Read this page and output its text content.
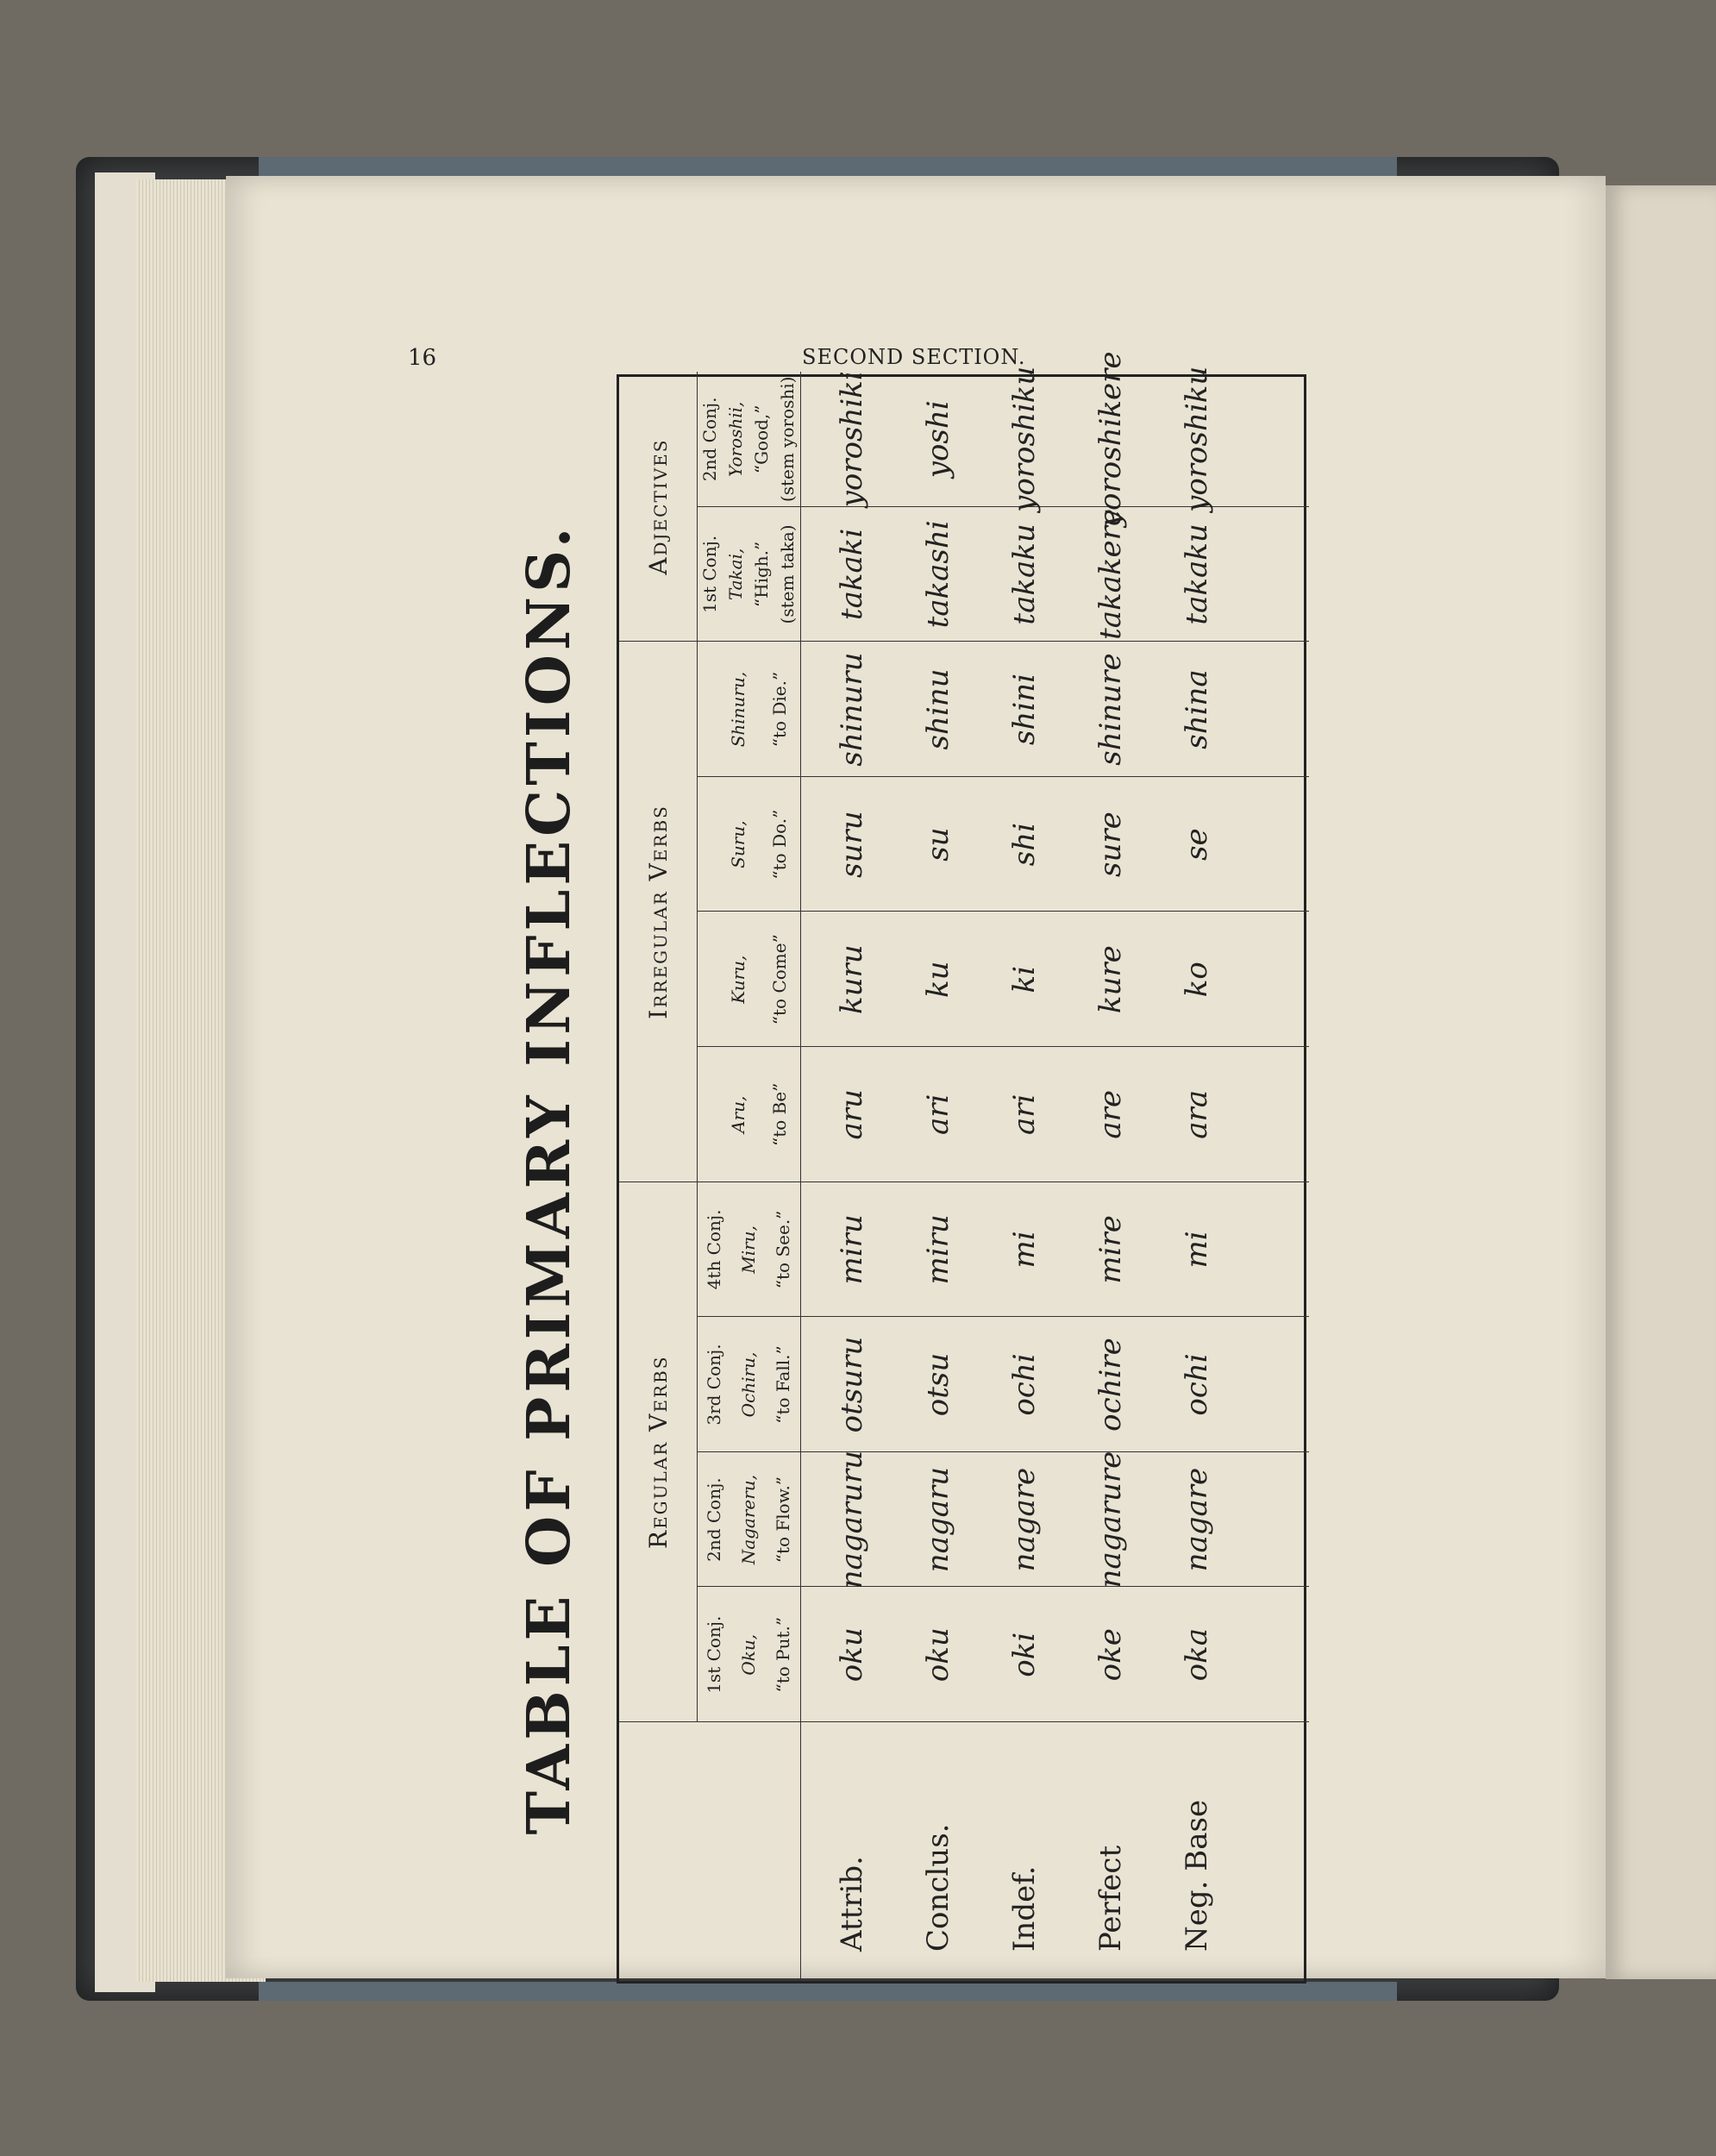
16	SECOND SECTION.
TABLE OF PRIMARY INFLECTIONS.	Regular Verbs
Irregular Verbs
Adjectives
1st Conj. Oku, “to Put.”
2nd Conj. Nagareru, “to Flow.”
3rd Conj. Ochiru, “to Fall.”
4th Conj. Miru, “to See.”
Aru, “to Be”
Kuru, “to Come”
Suru, “to Do.”
Shinuru, “to Die.”
1st Conj. Takai, “High.” (stem taka)
2nd Conj. Yoroshii, “Good,” (stem yoroshi)
Attrib.
oku
nagaruru
otsuru
miru
aru
kuru
suru
shinuru
takaki
yoroshiki
Conclus.
oku
nagaru
otsu
miru
ari
ku
su
shinu
takashi
yoshi
Indef.
oki
nagare
ochi
mi
ari
ki
shi
shini
takaku
yoroshiku
Perfect
oke
nagarure
ochire
mire
are
kure
sure
shinure
takakere
yoroshikere
Neg. Base
oka
nagare
ochi
mi
ara
ko
se
shina
takaku
yoroshiku
